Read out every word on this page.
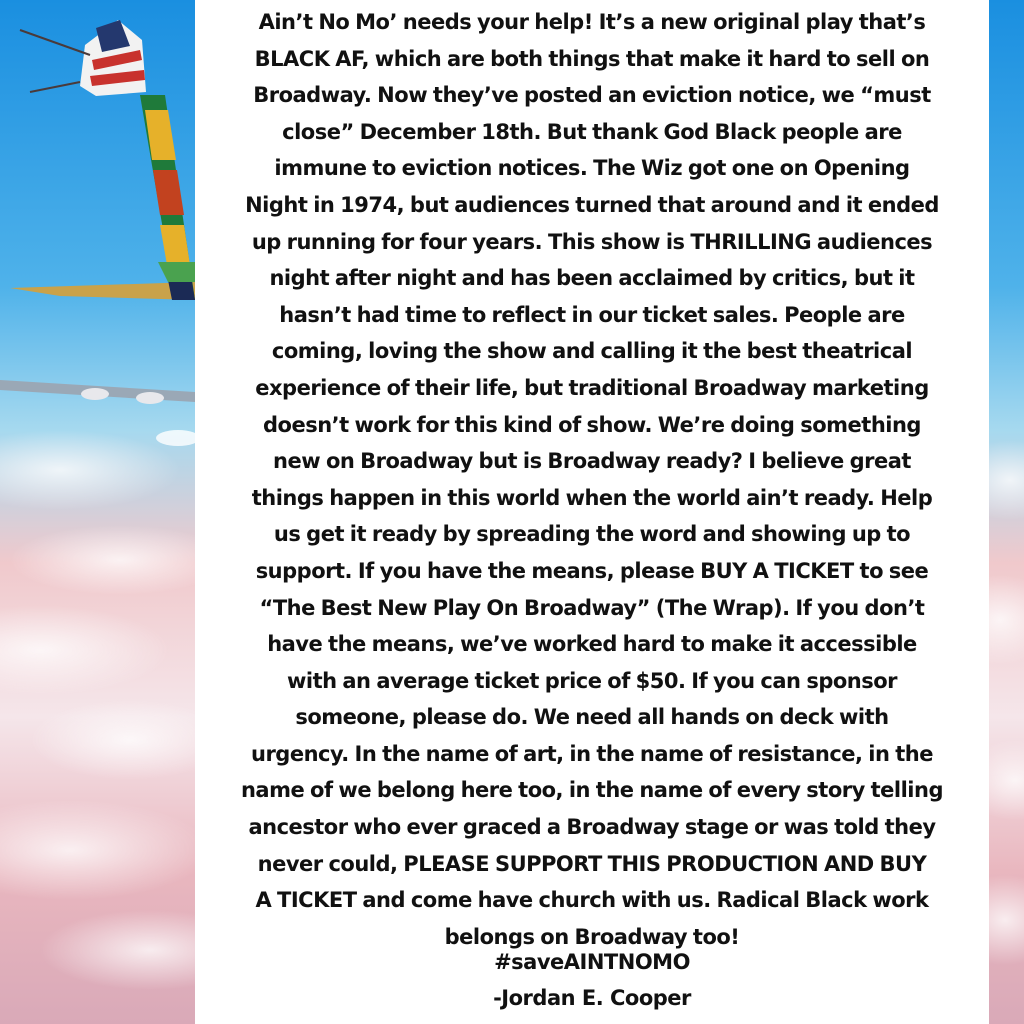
Ain’t No Mo’ needs your help! It’s a new original play that’s
BLACK AF, which are both things that make it hard to sell on
Broadway. Now they’ve posted an eviction notice, we “must
close” December 18th. But thank God Black people are
immune to eviction notices. The Wiz got one on Opening
Night in 1974, but audiences turned that around and it ended
up running for four years. This show is THRILLING audiences
night after night and has been acclaimed by critics, but it
hasn’t had time to reflect in our ticket sales. People are
coming, loving the show and calling it the best theatrical
experience of their life, but traditional Broadway marketing
doesn’t work for this kind of show. We’re doing something
new on Broadway but is Broadway ready? I believe great
things happen in this world when the world ain’t ready. Help
us get it ready by spreading the word and showing up to
support. If you have the means, please BUY A TICKET to see
“The Best New Play On Broadway” (The Wrap). If you don’t
have the means, we’ve worked hard to make it accessible
with an average ticket price of $50. If you can sponsor
someone, please do. We need all hands on deck with
urgency. In the name of art, in the name of resistance, in the
name of we belong here too, in the name of every story telling
ancestor who ever graced a Broadway stage or was told they
never could, PLEASE SUPPORT THIS PRODUCTION AND BUY
A TICKET and come have church with us. Radical Black work
belongs on Broadway too!

#saveAINTNOMO

-Jordan E. Cooper
